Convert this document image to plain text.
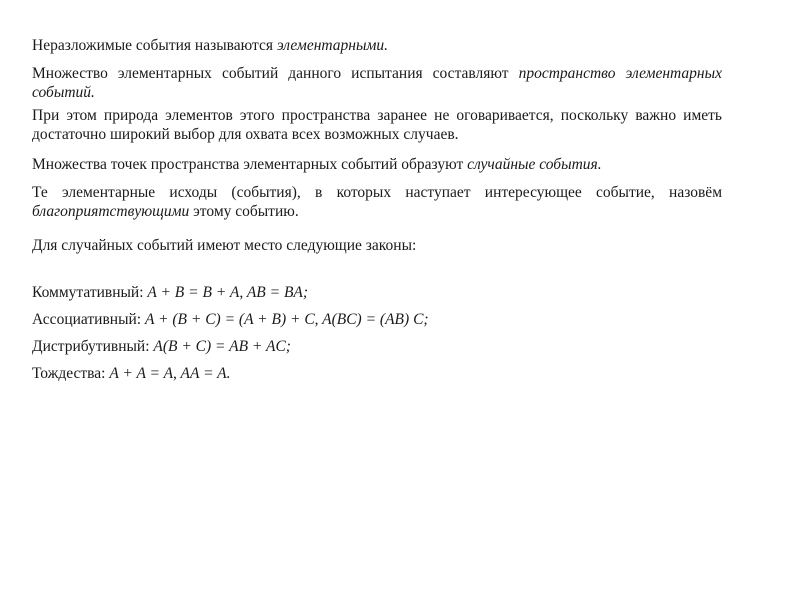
Неразложимые события называются элементарными.

Множество элементарных событий данного испытания составляют пространство элементарных событий.

При этом природа элементов этого пространства заранее не оговаривается, поскольку важно иметь достаточно широкий выбор для охвата всех возможных случаев.

Множества точек пространства элементарных событий образуют случайные события.

Те элементарные исходы (события), в которых наступает интересующее событие, назовём благоприятствующими этому событию.

Для случайных событий имеют место следующие законы:

Коммутативный: A + B = B + A, AB = BA;

Ассоциативный: A + (B + C) = (A + B) + C, A(BC) = (AB) C;

Дистрибутивный: A(B + C) = AB + AC;

Тождества: A + A = A, AA = A.
